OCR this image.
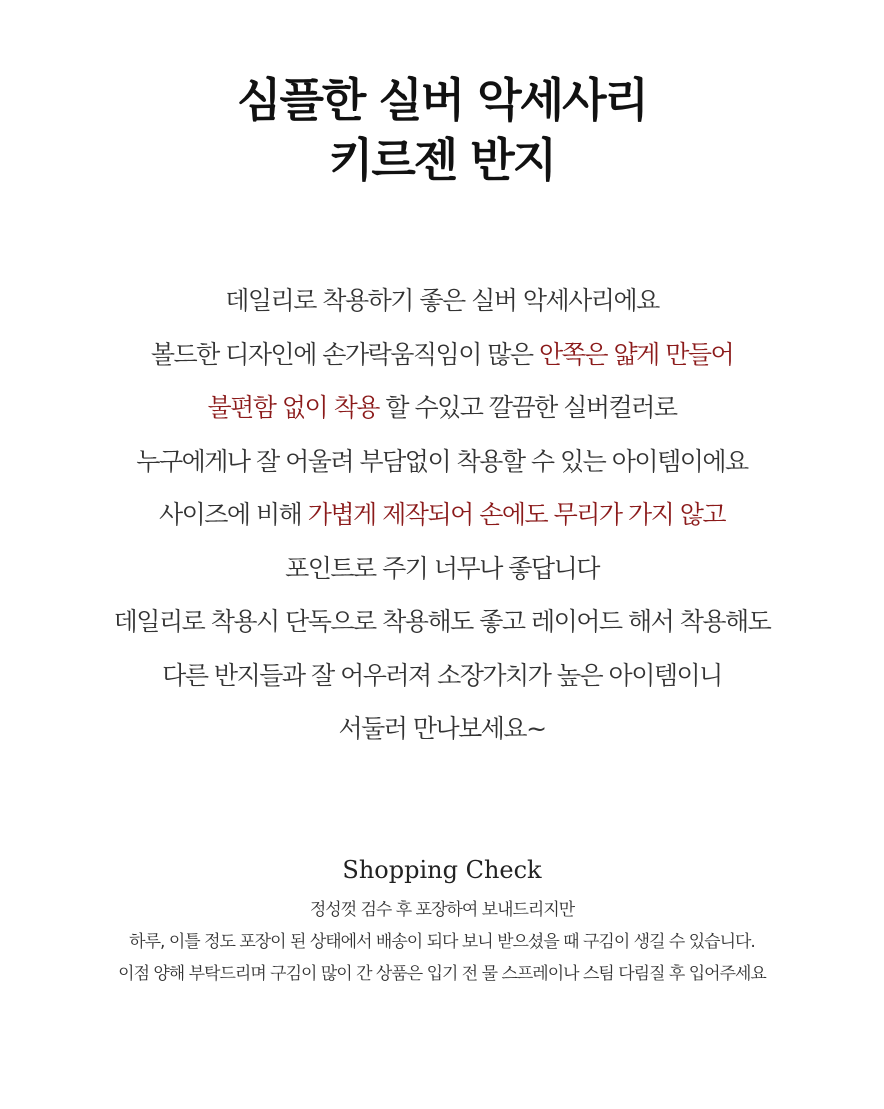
심플한 실버 악세사리
키르젠 반지
데일리로 착용하기 좋은 실버 악세사리에요
볼드한 디자인에 손가락움직임이 많은 안쪽은 얇게 만들어
불편함 없이 착용 할 수있고 깔끔한 실버컬러로
누구에게나 잘 어울려 부담없이 착용할 수 있는 아이템이에요
사이즈에 비해 가볍게 제작되어 손에도 무리가 가지 않고
포인트로 주기 너무나 좋답니다
데일리로 착용시 단독으로 착용해도 좋고 레이어드 해서 착용해도
다른 반지들과 잘 어우러져 소장가치가 높은 아이템이니
서둘러 만나보세요~
Shopping Check
정성껏 검수 후 포장하여 보내드리지만
하루, 이틀 정도 포장이 된 상태에서 배송이 되다 보니 받으셨을 때 구김이 생길 수 있습니다.
이점 양해 부탁드리며 구김이 많이 간 상품은 입기 전 물 스프레이나 스팀 다림질 후 입어주세요
